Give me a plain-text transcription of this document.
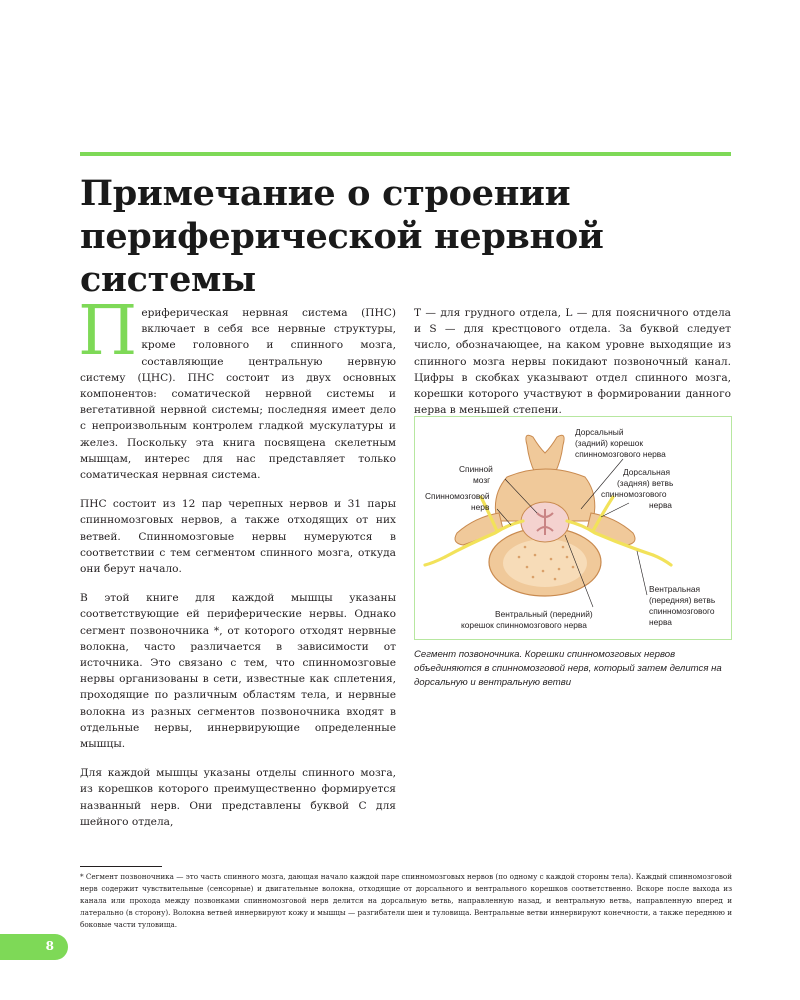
Примечание о строении
периферической нервной системы

Периферическая нервная система (ПНС) включает в себя все нервные структуры, кроме головного и спинного мозга, составляющие центральную нервную систему (ЦНС). ПНС состоит из двух основных компонентов: соматической нервной системы и вегетативной нервной системы; последняя имеет дело с непроизвольным контролем гладкой мускулатуры и желез. Поскольку эта книга посвящена скелетным мышцам, интерес для нас представляет только соматическая нервная система.

ПНС состоит из 12 пар черепных нервов и 31 пары спинномозговых нервов, а также отходящих от них ветвей. Спинномозговые нервы нумеруются в соответствии с тем сегментом спинного мозга, откуда они берут начало.

В этой книге для каждой мышцы указаны соответствующие ей периферические нервы. Однако сегмент позвоночника *, от которого отходят нервные волокна, часто различается в зависимости от источника. Это связано с тем, что спинномозговые нервы организованы в сети, известные как сплетения, проходящие по различным областям тела, и нервные волокна из разных сегментов позвоночника входят в отдельные нервы, иннервирующие определенные мышцы.

Для каждой мышцы указаны отделы спинного мозга, из корешков которого преимущественно формируется названный нерв. Они представлены буквой C для шейного отдела,

T — для грудного отдела, L — для поясничного отдела и S — для крестцового отдела. За буквой следует число, обозначающее, на каком уровне выходящие из спинного мозга нервы покидают позвоночный канал. Цифры в скобках указывают отдел спинного мозга, корешки которого участвуют в формировании данного нерва в меньшей степени.

Дорсальный
(задний) корешок
спинномозгового нерва
Спинной
мозг
Спинномозговой
нерв
Дорсальная
(задняя) ветвь
спинномозгового
нерва
Вентральная
(передняя) ветвь
спинномозгового
нерва
Вентральный (передний)
корешок спинномозгового нерва

Сегмент позвоночника. Корешки спинномозговых нервов объединяются в спинномозговой нерв, который затем делится на дорсальную и вентральную ветви

* Сегмент позвоночника — это часть спинного мозга, дающая начало каждой паре спинномозговых нервов (по одному с каждой стороны тела). Каждый спинномозговой нерв содержит чувствительные (сенсорные) и двигательные волокна, отходящие от дорсального и вентрального корешков соответственно. Вскоре после выхода из канала или прохода между позвонками спинномозговой нерв делится на дорсальную ветвь, направленную назад, и вентральную ветвь, направленную вперед и латерально (в сторону). Волокна ветвей иннервируют кожу и мышцы — разгибатели шеи и туловища. Вентральные ветви иннервируют конечности, а также переднюю и боковые части туловища.

8
